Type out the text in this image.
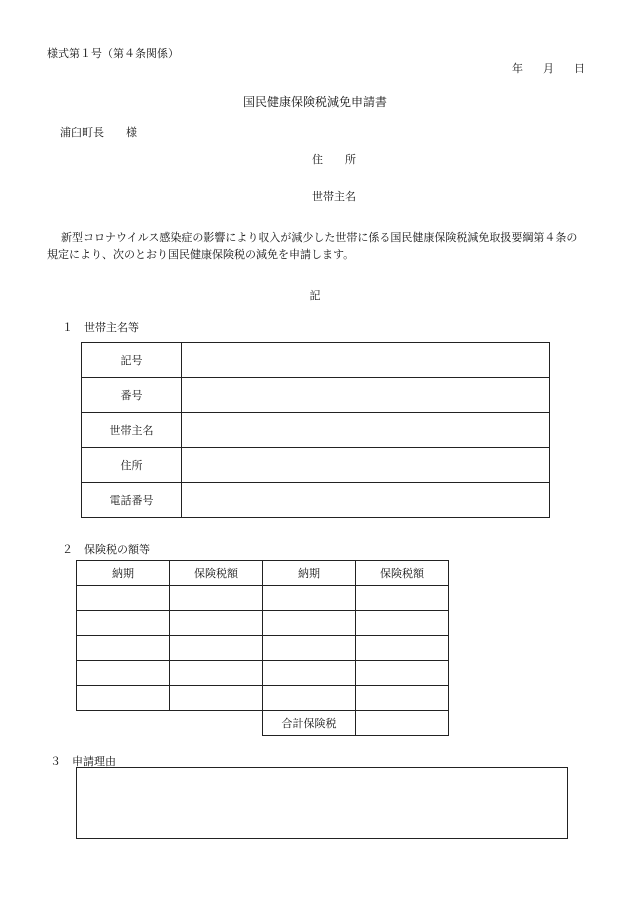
様式第１号（第４条関係）
年 月 日
国民健康保険税減免申請書
浦臼町長　　様
住　　所
世帯主名
新型コロナウイルス感染症の影響により収入が減少した世帯に係る国民健康保険税減免取扱要綱第４条の規定により、次のとおり国民健康保険税の減免を申請します。
記
１ 世帯主名等
記号	
番号	
世帯主名	
住所	
電話番号	
２ 保険税の額等
納期	保険税額	納期	保険税額

		合計保険税	
３ 申請理由
